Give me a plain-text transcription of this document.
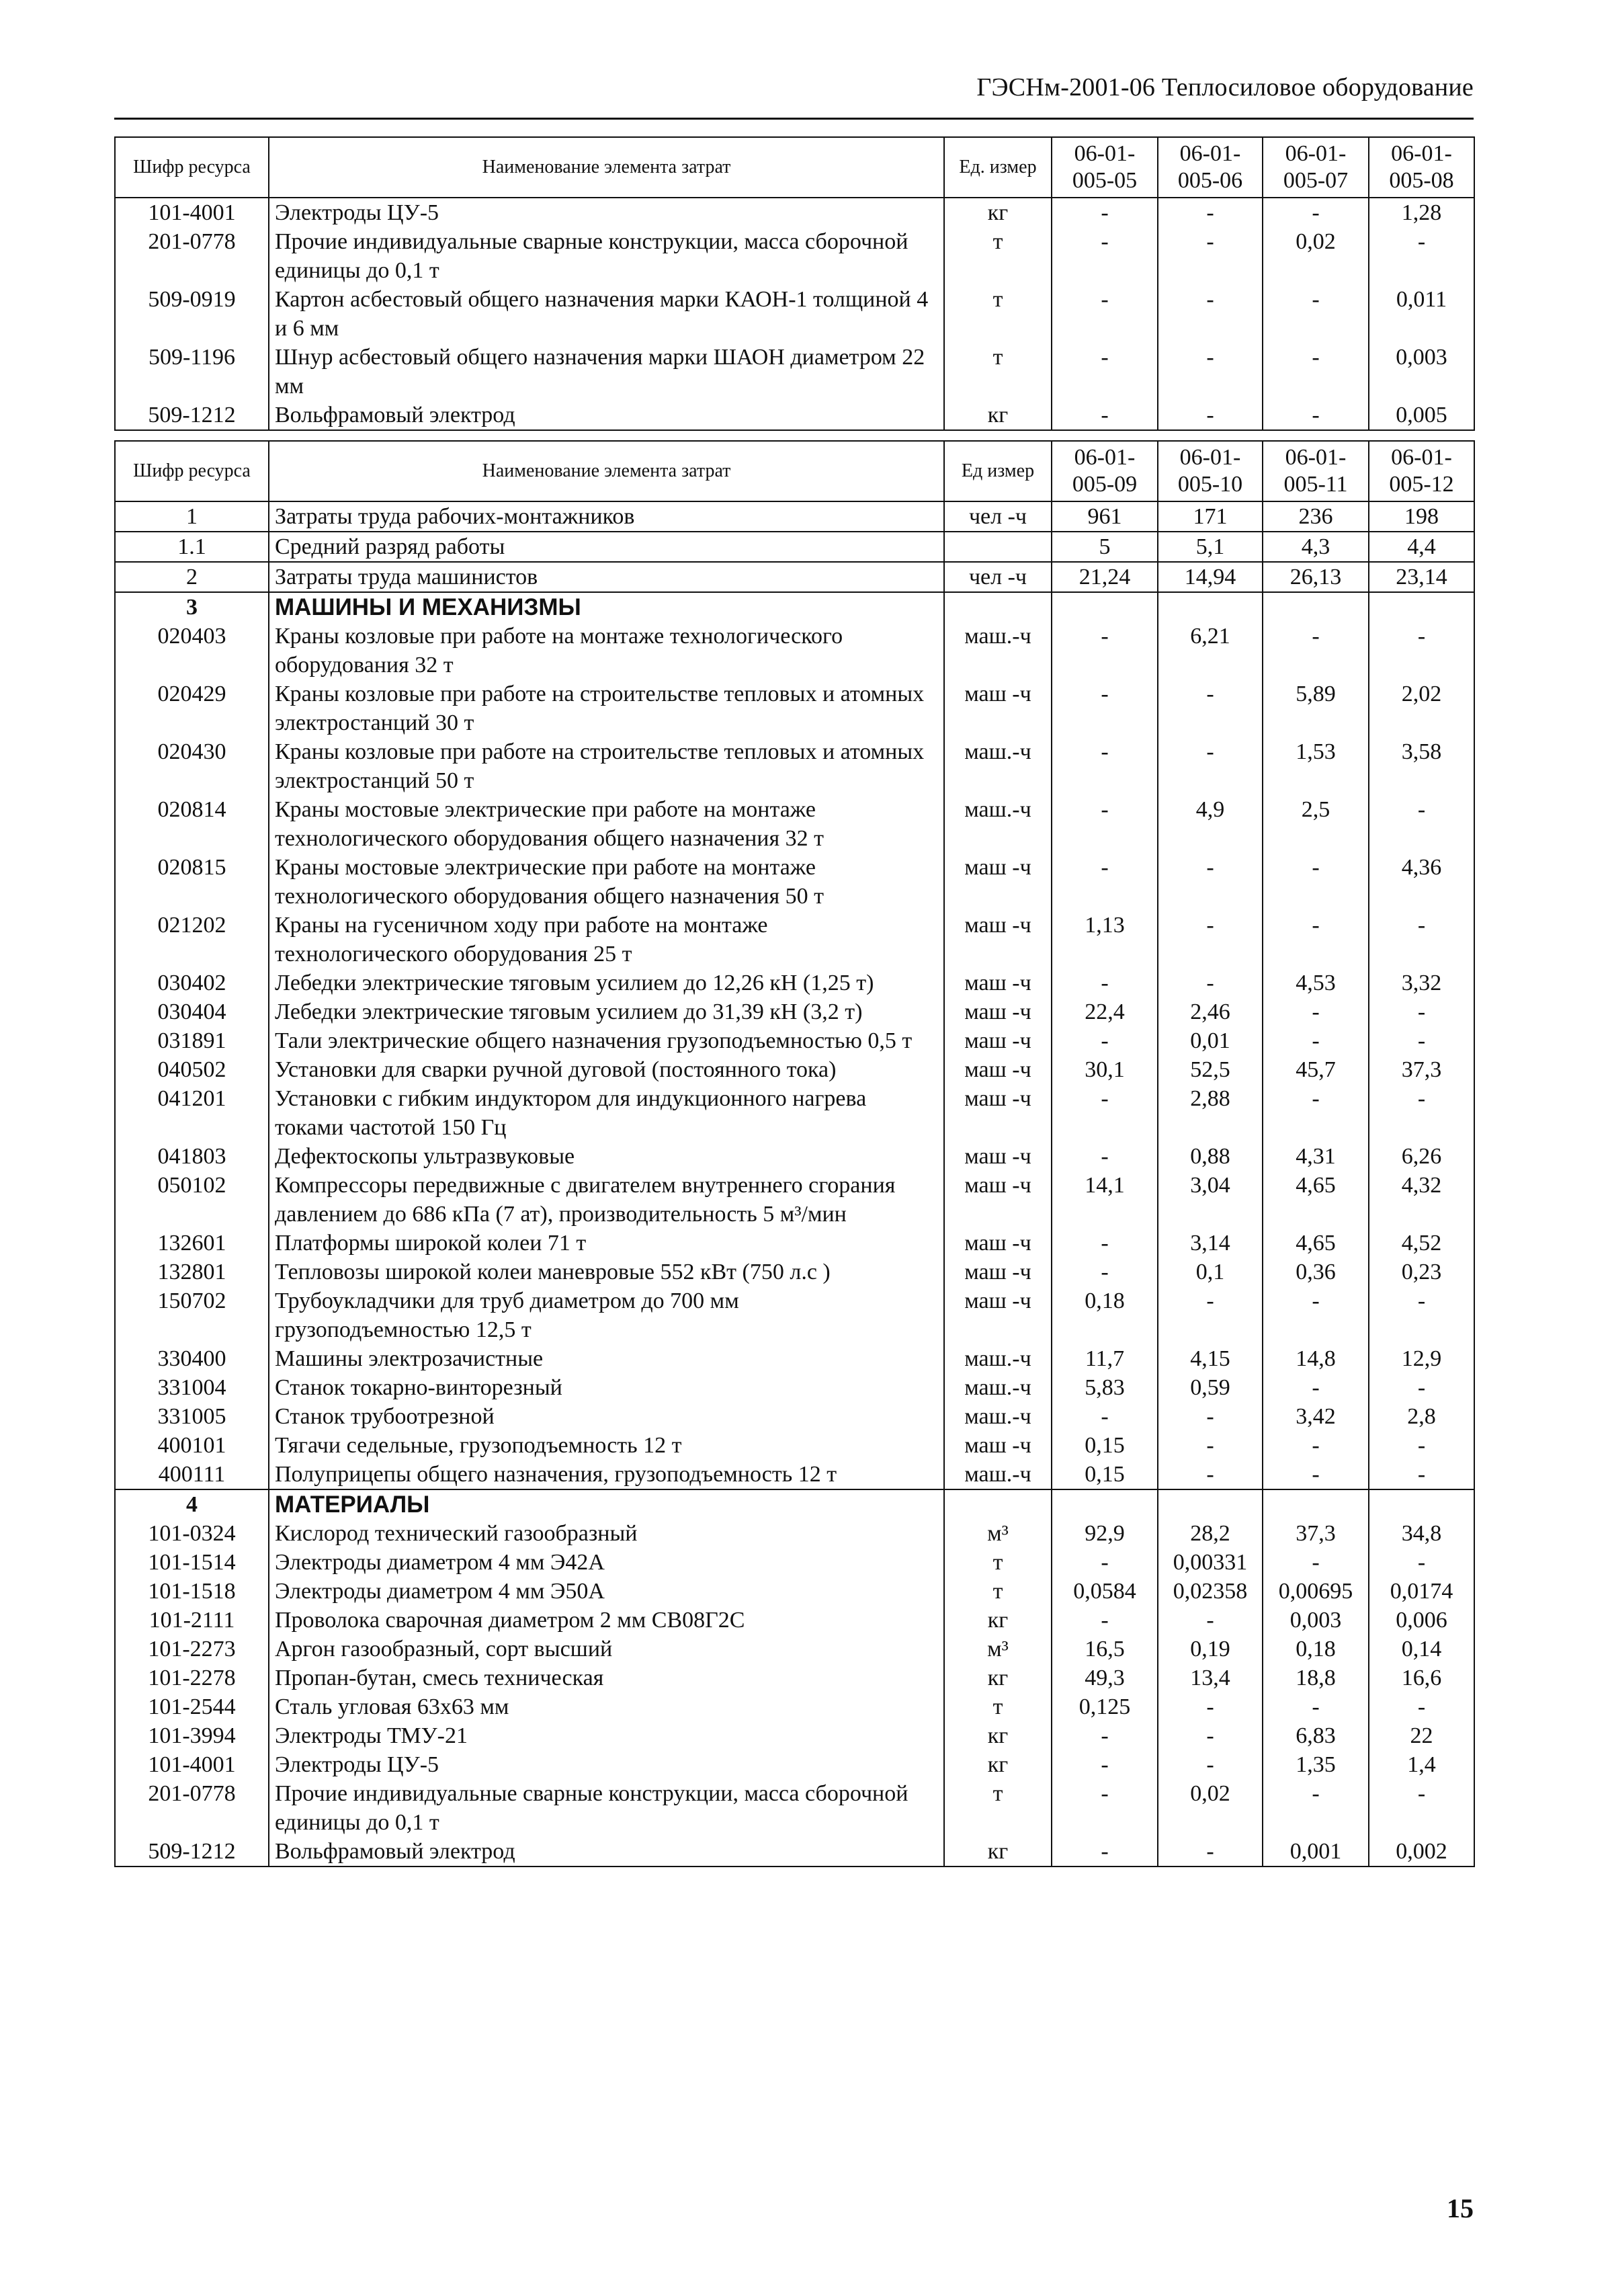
ГЭСНм-2001-06 Теплосиловое оборудование
Шифр ресурса	Наименование элемента затрат	Ед. измер	06-01-005-05	06-01-005-06	06-01-005-07	06-01-005-08
101-4001	Электроды ЦУ-5	кг	-	-	-	1,28
201-0778	Прочие индивидуальные сварные конструкции, масса сборочной единицы до 0,1 т	т	-	-	0,02	-
509-0919	Картон асбестовый общего назначения марки КАОН-1 толщиной 4 и 6 мм	т	-	-	-	0,011
509-1196	Шнур асбестовый общего назначения марки ШАОН диаметром 22 мм	т	-	-	-	0,003
509-1212	Вольфрамовый электрод	кг	-	-	-	0,005
Шифр ресурса	Наименование элемента затрат	Ед измер	06-01-005-09	06-01-005-10	06-01-005-11	06-01-005-12
1	Затраты труда рабочих-монтажников	чел -ч	961	171	236	198
1.1	Средний разряд работы		5	5,1	4,3	4,4
2	Затраты труда машинистов	чел -ч	21,24	14,94	26,13	23,14
3	МАШИНЫ И МЕХАНИЗМЫ					
020403	Краны козловые при работе на монтаже технологического оборудования 32 т	маш.-ч	-	6,21	-	-
020429	Краны козловые при работе на строительстве тепловых и атомных электростанций 30 т	маш -ч	-	-	5,89	2,02
020430	Краны козловые при работе на строительстве тепловых и атомных электростанций 50 т	маш.-ч	-	-	1,53	3,58
020814	Краны мостовые электрические при работе на монтаже технологического оборудования общего назначения 32 т	маш.-ч	-	4,9	2,5	-
020815	Краны мостовые электрические при работе на монтаже технологического оборудования общего назначения 50 т	маш -ч	-	-	-	4,36
021202	Краны на гусеничном ходу при работе на монтаже технологического оборудования 25 т	маш -ч	1,13	-	-	-
030402	Лебедки электрические тяговым усилием до 12,26 кН (1,25 т)	маш -ч	-	-	4,53	3,32
030404	Лебедки электрические тяговым усилием до 31,39 кН (3,2 т)	маш -ч	22,4	2,46	-	-
031891	Тали электрические общего назначения грузоподъемностью 0,5 т	маш -ч	-	0,01	-	-
040502	Установки для сварки ручной дуговой (постоянного тока)	маш -ч	30,1	52,5	45,7	37,3
041201	Установки с гибким индуктором для индукционного нагрева токами частотой 150 Гц	маш -ч	-	2,88	-	-
041803	Дефектоскопы ультразвуковые	маш -ч	-	0,88	4,31	6,26
050102	Компрессоры передвижные с двигателем внутреннего сгорания давлением до 686 кПа (7 ат), производительность 5 м³/мин	маш -ч	14,1	3,04	4,65	4,32
132601	Платформы широкой колеи 71 т	маш -ч	-	3,14	4,65	4,52
132801	Тепловозы широкой колеи маневровые 552 кВт (750 л.с )	маш -ч	-	0,1	0,36	0,23
150702	Трубоукладчики для труб диаметром до 700 мм грузоподъемностью 12,5 т	маш -ч	0,18	-	-	-
330400	Машины электрозачистные	маш.-ч	11,7	4,15	14,8	12,9
331004	Станок токарно-винторезный	маш.-ч	5,83	0,59	-	-
331005	Станок трубоотрезной	маш.-ч	-	-	3,42	2,8
400101	Тягачи седельные, грузоподъемность 12 т	маш -ч	0,15	-	-	-
400111	Полуприцепы общего назначения, грузоподъемность 12 т	маш.-ч	0,15	-	-	-
4	МАТЕРИАЛЫ					
101-0324	Кислород технический газообразный	м³	92,9	28,2	37,3	34,8
101-1514	Электроды диаметром 4 мм Э42А	т	-	0,00331	-	-
101-1518	Электроды диаметром 4 мм Э50А	т	0,0584	0,02358	0,00695	0,0174
101-2111	Проволока сварочная диаметром 2 мм СВ08Г2С	кг	-	-	0,003	0,006
101-2273	Аргон газообразный, сорт высший	м³	16,5	0,19	0,18	0,14
101-2278	Пропан-бутан, смесь техническая	кг	49,3	13,4	18,8	16,6
101-2544	Сталь угловая 63х63 мм	т	0,125	-	-	-
101-3994	Электроды ТМУ-21	кг	-	-	6,83	22
101-4001	Электроды ЦУ-5	кг	-	-	1,35	1,4
201-0778	Прочие индивидуальные сварные конструкции, масса сборочной единицы до 0,1 т	т	-	0,02	-	-
509-1212	Вольфрамовый электрод	кг	-	-	0,001	0,002
15
